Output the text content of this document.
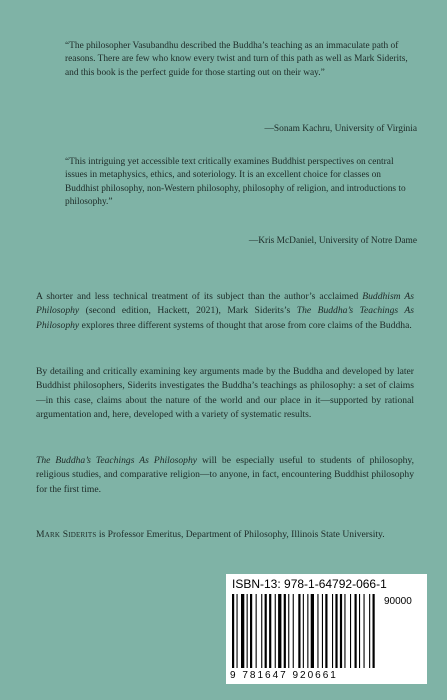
“The philosopher Vasubandhu described the Buddha’s teaching as an immaculate path of reasons. There are few who know every twist and turn of this path as well as Mark Siderits, and this book is the perfect guide for those starting out on their way.”

—Sonam Kachru, University of Virginia

“This intriguing yet accessible text critically examines Buddhist perspectives on central issues in metaphysics, ethics, and soteriology. It is an excellent choice for classes on Buddhist philosophy, non-Western philosophy, philosophy of religion, and introductions to philosophy.”

—Kris McDaniel, University of Notre Dame

A shorter and less technical treatment of its subject than the author’s acclaimed Buddhism As Philosophy (second edition, Hackett, 2021), Mark Siderits’s The Buddha’s Teachings As Philosophy explores three different systems of thought that arose from core claims of the Buddha.

By detailing and critically examining key arguments made by the Buddha and developed by later Buddhist philosophers, Siderits investigates the Buddha’s teachings as philosophy: a set of claims—in this case, claims about the nature of the world and our place in it—supported by rational argumentation and, here, developed with a variety of systematic results.

The Buddha’s Teachings As Philosophy will be especially useful to students of philosophy, religious studies, and comparative religion—to anyone, in fact, encountering Buddhist philosophy for the first time.

Mark Siderits is Professor Emeritus, Department of Philosophy, Illinois State University.

ISBN-13: 978-1-64792-066-1
90000
9 781647 920661
